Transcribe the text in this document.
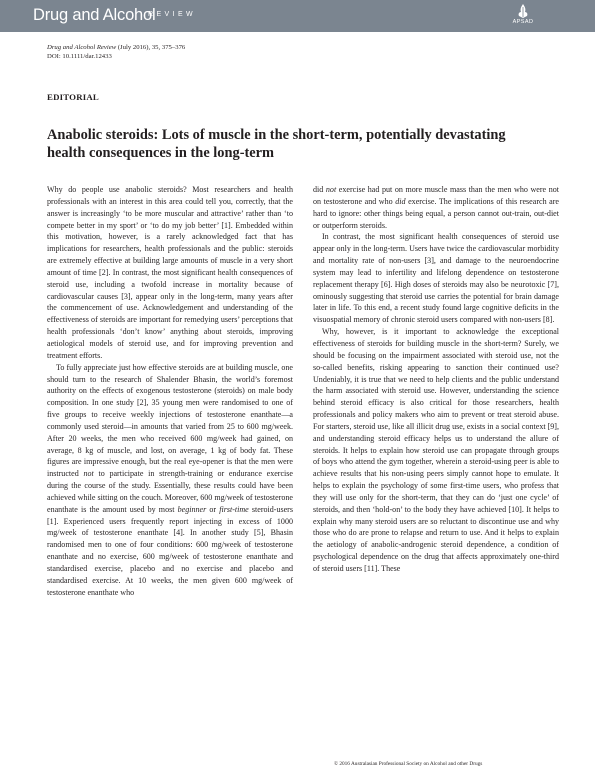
Drug and Alcohol
REVIEW
APSAD
Drug and Alcohol Review (July 2016), 35, 375–376
DOI: 10.1111/dar.12433
EDITORIAL
Anabolic steroids: Lots of muscle in the short-term, potentially devastating health consequences in the long-term

Why do people use anabolic steroids? Most researchers and health professionals with an interest in this area could tell you, correctly, that the answer is increasingly ‘to be more muscular and attractive’ rather than ‘to compete better in my sport’ or ‘to do my job better’ [1]. Embedded within this motivation, however, is a rarely acknowledged fact that has implications for researchers, health professionals and the public: steroids are extremely effective at building large amounts of muscle in a very short amount of time [2]. In contrast, the most significant health consequences of steroid use, including a twofold increase in mortality because of cardiovascular causes [3], appear only in the long-term, many years after the commencement of use. Acknowledgement and understanding of the effectiveness of steroids are important for remedying users’ perceptions that health professionals ‘don’t know’ anything about steroids, improving aetiological models of steroid use, and for improving prevention and treatment efforts.

To fully appreciate just how effective steroids are at building muscle, one should turn to the research of Shalender Bhasin, the world’s foremost authority on the effects of exogenous testosterone (steroids) on male body composition. In one study [2], 35 young men were randomised to one of five groups to receive weekly injections of testosterone enanthate—a commonly used steroid—in amounts that varied from 25 to 600 mg/week. After 20 weeks, the men who received 600 mg/week had gained, on average, 8 kg of muscle, and lost, on average, 1 kg of body fat. These figures are impressive enough, but the real eye-opener is that the men were instructed not to participate in strength-training or endurance exercise during the course of the study. Essentially, these results could have been achieved while sitting on the couch. Moreover, 600 mg/week of testosterone enanthate is the amount used by most beginner or first-time steroid-users [1]. Experienced users frequently report injecting in excess of 1000 mg/week of testosterone enanthate [4]. In another study [5], Bhasin randomised men to one of four conditions: 600 mg/week of testosterone enanthate and no exercise, 600 mg/week of testosterone enanthate and standardised exercise, placebo and no exercise and placebo and standardised exercise. At 10 weeks, the men given 600 mg/week of testosterone enanthate who

did not exercise had put on more muscle mass than the men who were not on testosterone and who did exercise. The implications of this research are hard to ignore: other things being equal, a person cannot out-train, out-diet or outperform steroids.

In contrast, the most significant health consequences of steroid use appear only in the long-term. Users have twice the cardiovascular morbidity and mortality rate of non-users [3], and damage to the neuroendocrine system may lead to infertility and lifelong dependence on testosterone replacement therapy [6]. High doses of steroids may also be neurotoxic [7], ominously suggesting that steroid use carries the potential for brain damage later in life. To this end, a recent study found large cognitive deficits in the visuospatial memory of chronic steroid users compared with non-users [8].

Why, however, is it important to acknowledge the exceptional effectiveness of steroids for building muscle in the short-term? Surely, we should be focusing on the impairment associated with steroid use, not the so-called benefits, risking appearing to sanction their continued use? Undeniably, it is true that we need to help clients and the public understand the harm associated with steroid use. However, understanding the science behind steroid efficacy is also critical for those researchers, health professionals and policy makers who aim to prevent or treat steroid abuse. For starters, steroid use, like all illicit drug use, exists in a social context [9], and understanding steroid efficacy helps us to understand the allure of steroids. It helps to explain how steroid use can propagate through groups of boys who attend the gym together, wherein a steroid-using peer is able to achieve results that his non-using peers simply cannot hope to emulate. It helps to explain the psychology of some first-time users, who profess that they will use only for the short-term, that they can do ‘just one cycle’ of steroids, and then ‘hold-on’ to the body they have achieved [10]. It helps to explain why many steroid users are so reluctant to discontinue use and why those who do are prone to relapse and return to use. And it helps to explain the aetiology of anabolic-androgenic steroid dependence, a condition of psychological dependence on the drug that affects approximately one-third of steroid users [11]. These

© 2016 Australasian Professional Society on Alcohol and other Drugs
